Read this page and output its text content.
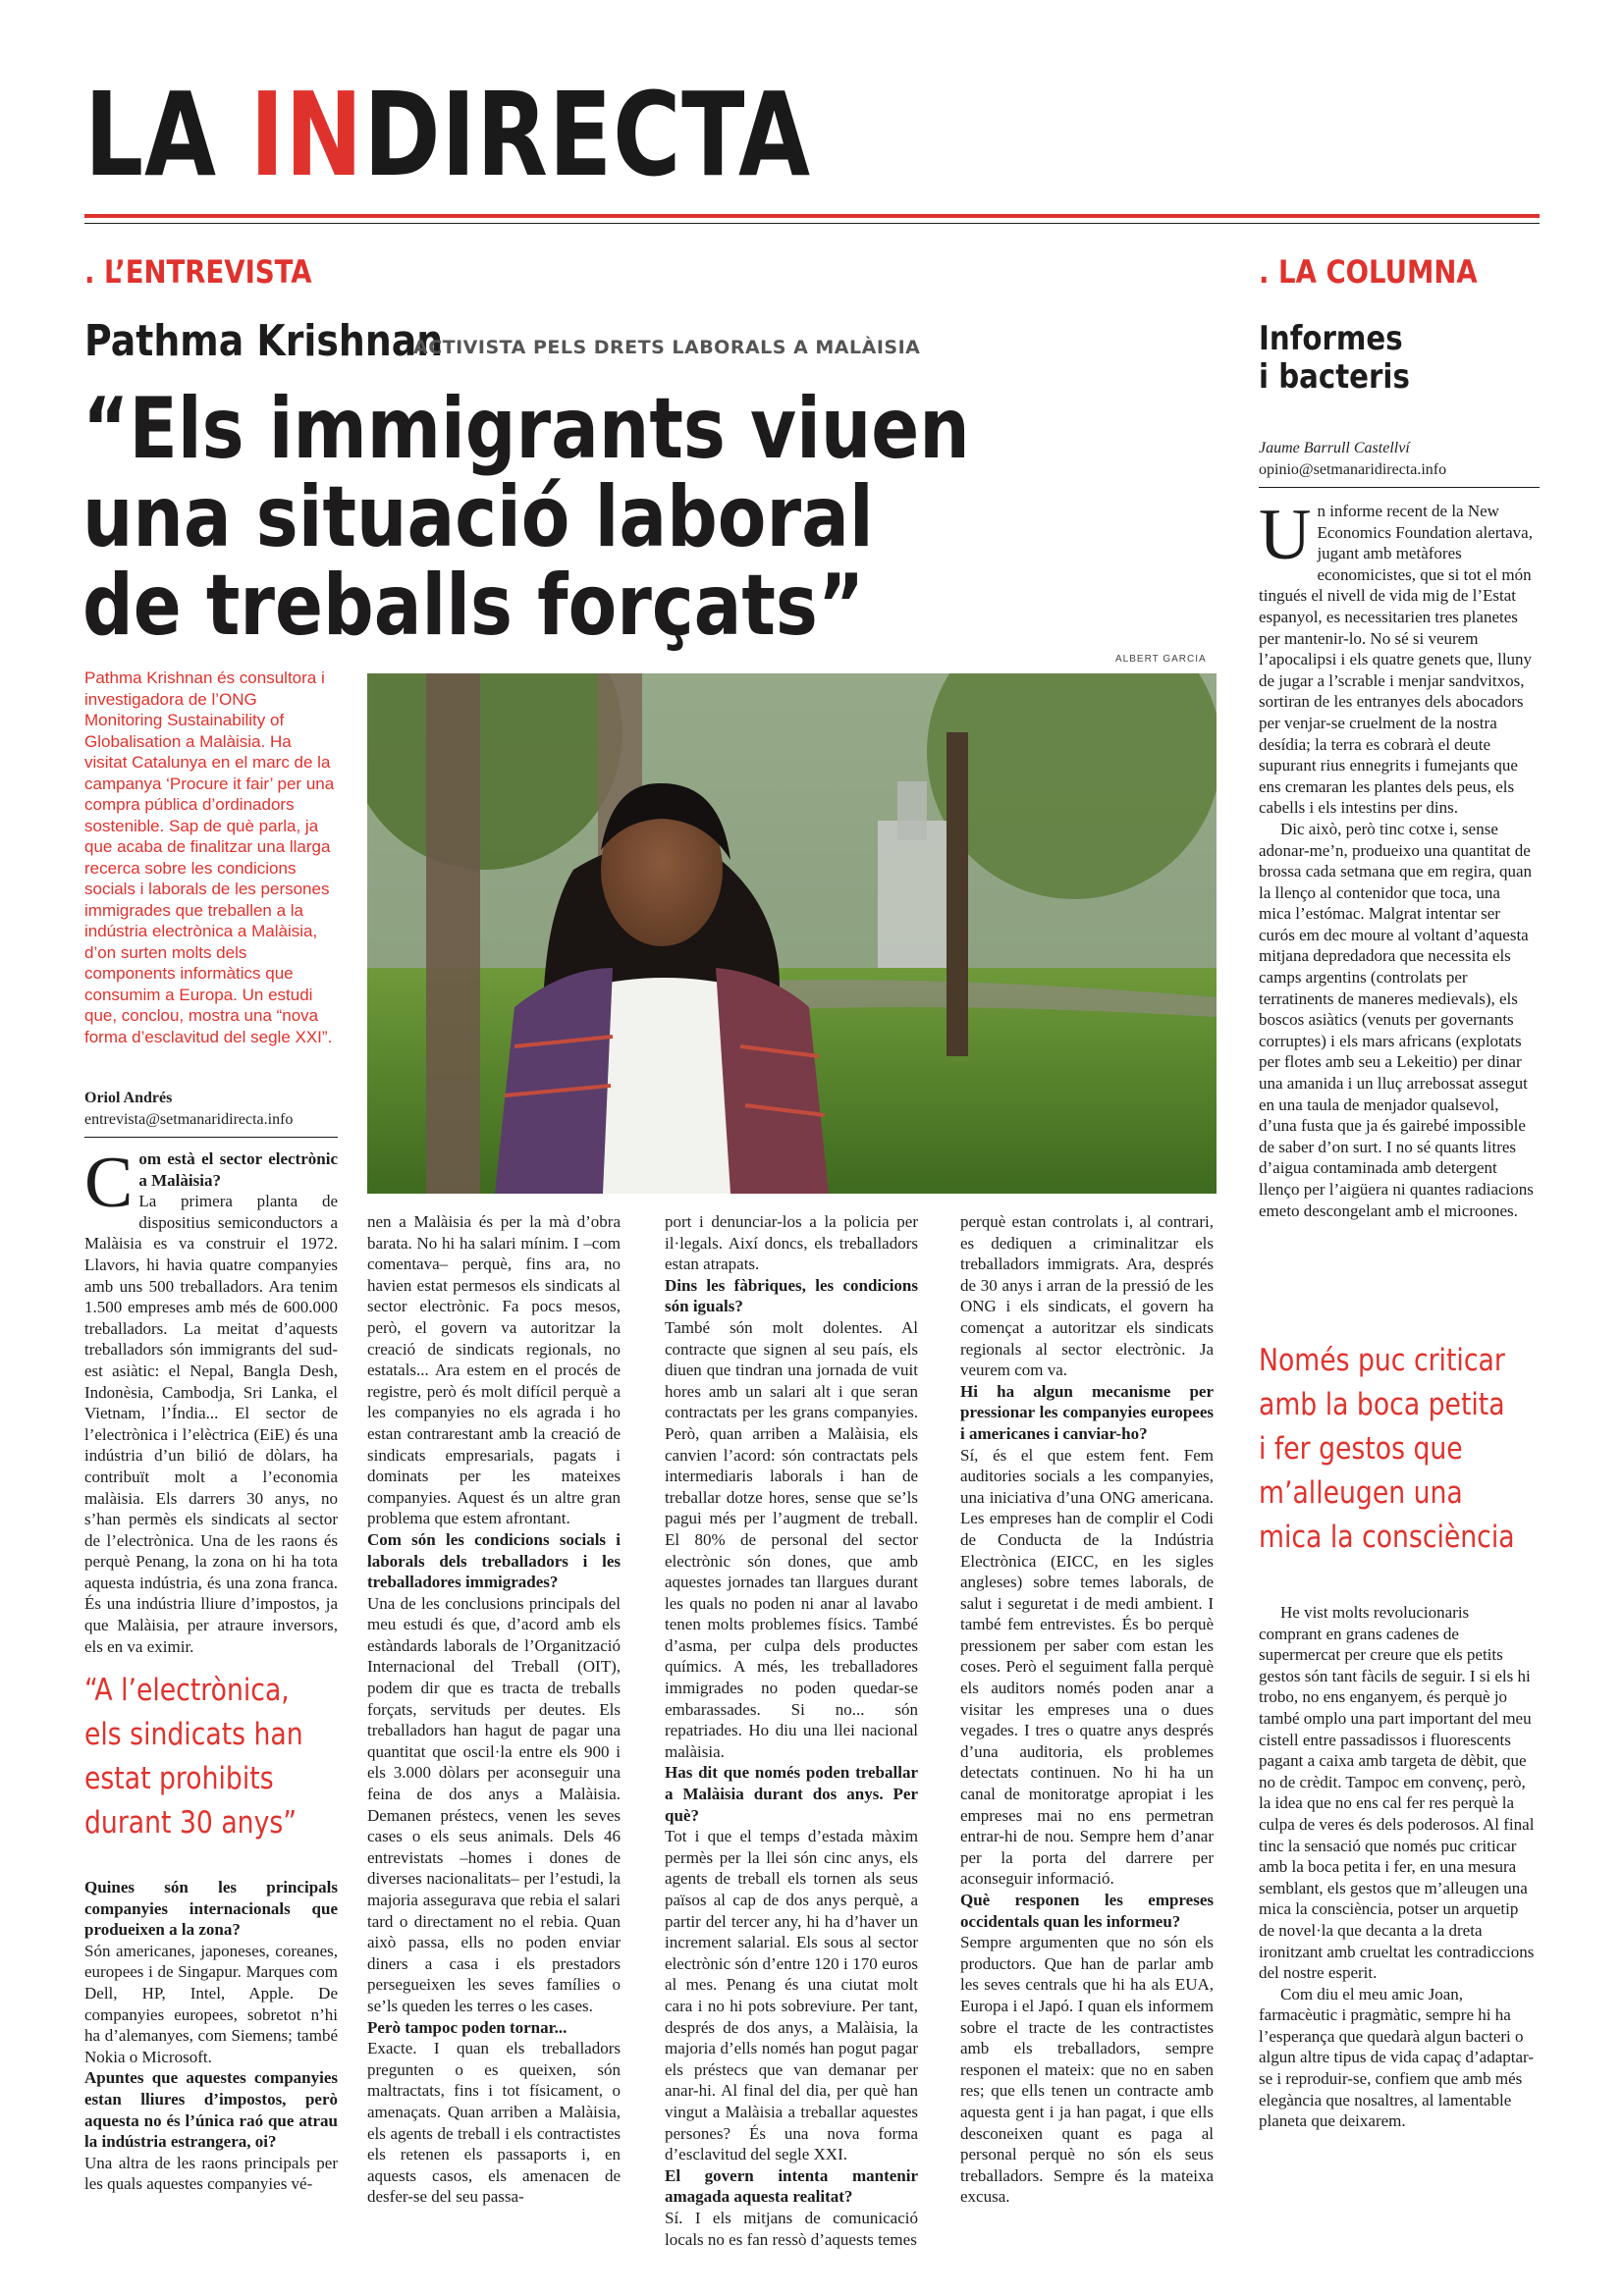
LA INDIRECTA
. L’ENTREVISTA	. LA COLUMNA
Pathma Krishnan
ACTIVISTA PELS DRETS LABORALS A MALÀISIA
“Els immigrants viuen
una situació laboral
de treballs forçats”
Pathma Krishnan és consultora i investigadora de l’ONG Monitoring Sustainability of Globalisation a Malàisia. Ha visitat Catalunya en el marc de la campanya ‘Procure it fair’ per una compra pública d’ordinadors sostenible. Sap de què parla, ja que acaba de finalitzar una llarga recerca sobre les condicions socials i laborals de les persones immigrades que treballen a la indústria electrònica a Malàisia, d’on surten molts dels components informàtics que consumim a Europa. Un estudi que, conclou, mostra una “nova forma d’esclavitud del segle XXI”.
Oriol Andrés
entrevista@setmanaridirecta.info
ALBERT GARCIA

Com està el sector electrònic a Malàisia?
La primera planta de dispositius semiconductors a Malàisia es va construir el 1972. Llavors, hi havia quatre companyies amb uns 500 treballadors. Ara tenim 1.500 empreses amb més de 600.000 treballadors. La meitat d’aquests treballadors són immigrants del sud-est asiàtic: el Nepal, Bangla Desh, Indonèsia, Cambodja, Sri Lanka, el Vietnam, l’Índia... El sector de l’electrònica i l’elèctrica (EiE) és una indústria d’un bilió de dòlars, ha contribuït molt a l’economia malàisia. Els darrers 30 anys, no s’han permès els sindicats al sector de l’electrònica. Una de les raons és perquè Penang, la zona on hi ha tota aquesta indústria, és una zona franca. És una indústria lliure d’impostos, ja que Malàisia, per atraure inversors, els en va eximir.

“A l’electrònica,
els sindicats han
estat prohibits
durant 30 anys”

Quines són les principals companyies internacionals que produeixen a la zona?

Són americanes, japoneses, coreanes, europees i de Singapur. Marques com Dell, HP, Intel, Apple. De companyies europees, sobretot n’hi ha d’alemanyes, com Siemens; també Nokia o Microsoft.

Apuntes que aquestes companyies estan lliures d’impostos, però aquesta no és l’única raó que atrau la indústria estrangera, oi?

Una altra de les raons principals per les quals aquestes companyies vé-

nen a Malàisia és per la mà d’obra barata. No hi ha salari mínim. I –com comentava– perquè, fins ara, no havien estat permesos els sindicats al sector electrònic. Fa pocs mesos, però, el govern va autoritzar la creació de sindicats regionals, no estatals... Ara estem en el procés de registre, però és molt difícil perquè a les companyies no els agrada i ho estan contrarestant amb la creació de sindicats empresarials, pagats i dominats per les mateixes companyies. Aquest és un altre gran problema que estem afrontant.

Com són les condicions socials i laborals dels treballadors i les treballadores immigrades?

Una de les conclusions principals del meu estudi és que, d’acord amb els estàndards laborals de l’Organització Internacional del Treball (OIT), podem dir que es tracta de treballs forçats, servituds per deutes. Els treballadors han hagut de pagar una quantitat que oscil·la entre els 900 i els 3.000 dòlars per aconseguir una feina de dos anys a Malàisia. Demanen préstecs, venen les seves cases o els seus animals. Dels 46 entrevistats –homes i dones de diverses nacionalitats– per l’estudi, la majoria assegurava que rebia el salari tard o directament no el rebia. Quan això passa, ells no poden enviar diners a casa i els prestadors persegueixen les seves famílies o se’ls queden les terres o les cases.

Però tampoc poden tornar...

Exacte. I quan els treballadors pregunten o es queixen, són maltractats, fins i tot físicament, o amenaçats. Quan arriben a Malàisia, els agents de treball i els contractistes els retenen els passaports i, en aquests casos, els amenacen de desfer-se del seu passa-

port i denunciar-los a la policia per il·legals. Així doncs, els treballadors estan atrapats.

Dins les fàbriques, les condicions són iguals?

També són molt dolentes. Al contracte que signen al seu país, els diuen que tindran una jornada de vuit hores amb un salari alt i que seran contractats per les grans companyies. Però, quan arriben a Malàisia, els canvien l’acord: són contractats pels intermediaris laborals i han de treballar dotze hores, sense que se’ls pagui més per l’augment de treball. El 80% de personal del sector electrònic són dones, que amb aquestes jornades tan llargues durant les quals no poden ni anar al lavabo tenen molts problemes físics. També d’asma, per culpa dels productes químics. A més, les treballadores immigrades no poden quedar-se embarassades. Si no... són repatriades. Ho diu una llei nacional malàisia.

Has dit que només poden treballar a Malàisia durant dos anys. Per què?

Tot i que el temps d’estada màxim permès per la llei són cinc anys, els agents de treball els tornen als seus països al cap de dos anys perquè, a partir del tercer any, hi ha d’haver un increment salarial. Els sous al sector electrònic són d’entre 120 i 170 euros al mes. Penang és una ciutat molt cara i no hi pots sobreviure. Per tant, després de dos anys, a Malàisia, la majoria d’ells només han pogut pagar els préstecs que van demanar per anar-hi. Al final del dia, per què han vingut a Malàisia a treballar aquestes persones? És una nova forma d’esclavitud del segle XXI.

El govern intenta mantenir amagada aquesta realitat?

Sí. I els mitjans de comunicació locals no es fan ressò d’aquests temes

perquè estan controlats i, al contrari, es dediquen a criminalitzar els treballadors immigrats. Ara, després de 30 anys i arran de la pressió de les ONG i els sindicats, el govern ha començat a autoritzar els sindicats regionals al sector electrònic. Ja veurem com va.

Hi ha algun mecanisme per pressionar les companyies europees i americanes i canviar-ho?

Sí, és el que estem fent. Fem auditories socials a les companyies, una iniciativa d’una ONG americana. Les empreses han de complir el Codi de Conducta de la Indústria Electrònica (EICC, en les sigles angleses) sobre temes laborals, de salut i seguretat i de medi ambient. I també fem entrevistes. És bo perquè pressionem per saber com estan les coses. Però el seguiment falla perquè els auditors només poden anar a visitar les empreses una o dues vegades. I tres o quatre anys després d’una auditoria, els problemes detectats continuen. No hi ha un canal de monitoratge apropiat i les empreses mai no ens permetran entrar-hi de nou. Sempre hem d’anar per la porta del darrere per aconseguir informació.

Què responen les empreses occidentals quan les informeu?

Sempre argumenten que no són els productors. Que han de parlar amb les seves centrals que hi ha als EUA, Europa i el Japó. I quan els informem sobre el tracte de les contractistes amb els treballadors, sempre responen el mateix: que no en saben res; que ells tenen un contracte amb aquesta gent i ja han pagat, i que ells desconeixen quant es paga al personal perquè no són els seus treballadors. Sempre és la mateixa excusa.

Informes
i bacteris
Jaume Barrull Castellví
opinio@setmanaridirecta.info

Un informe recent de la New Economics Foundation alertava, jugant amb metàfores economicistes, que si tot el món tingués el nivell de vida mig de l’Estat espanyol, es necessitarien tres planetes per mantenir-lo. No sé si veurem l’apocalipsi i els quatre genets que, lluny de jugar a l’scrable i menjar sandvitxos, sortiran de les entranyes dels abocadors per venjar-se cruelment de la nostra desídia; la terra es cobrarà el deute supurant rius ennegrits i fumejants que ens cremaran les plantes dels peus, els cabells i els intestins per dins.

Dic això, però tinc cotxe i, sense adonar-me’n, produeixo una quantitat de brossa cada setmana que em regira, quan la llenço al contenidor que toca, una mica l’estómac. Malgrat intentar ser curós em dec moure al voltant d’aquesta mitjana depredadora que necessita els camps argentins (controlats per terratinents de maneres medievals), els boscos asiàtics (venuts per governants corruptes) i els mars africans (explotats per flotes amb seu a Lekeitio) per dinar una amanida i un lluç arrebossat assegut en una taula de menjador qualsevol, d’una fusta que ja és gairebé impossible de saber d’on surt. I no sé quants litres d’aigua contaminada amb detergent llenço per l’aigüera ni quantes radiacions emeto descongelant amb el microones.

Només puc criticar
amb la boca petita
i fer gestos que
m’alleugen una
mica la consciència

He vist molts revolucionaris comprant en grans cadenes de supermercat per creure que els petits gestos són tant fàcils de seguir. I si els hi trobo, no ens enganyem, és perquè jo també omplo una part important del meu cistell entre passadissos i fluorescents pagant a caixa amb targeta de dèbit, que no de crèdit. Tampoc em convenç, però, la idea que no ens cal fer res perquè la culpa de veres és dels poderosos. Al final tinc la sensació que només puc criticar amb la boca petita i fer, en una mesura semblant, els gestos que m’alleugen una mica la consciència, potser un arquetip de novel·la que decanta a la dreta ironitzant amb crueltat les contradiccions del nostre esperit.

Com diu el meu amic Joan, farmacèutic i pragmàtic, sempre hi ha l’esperança que quedarà algun bacteri o algun altre tipus de vida capaç d’adaptar-se i reproduir-se, confiem que amb més elegància que nosaltres, al lamentable planeta que deixarem.
